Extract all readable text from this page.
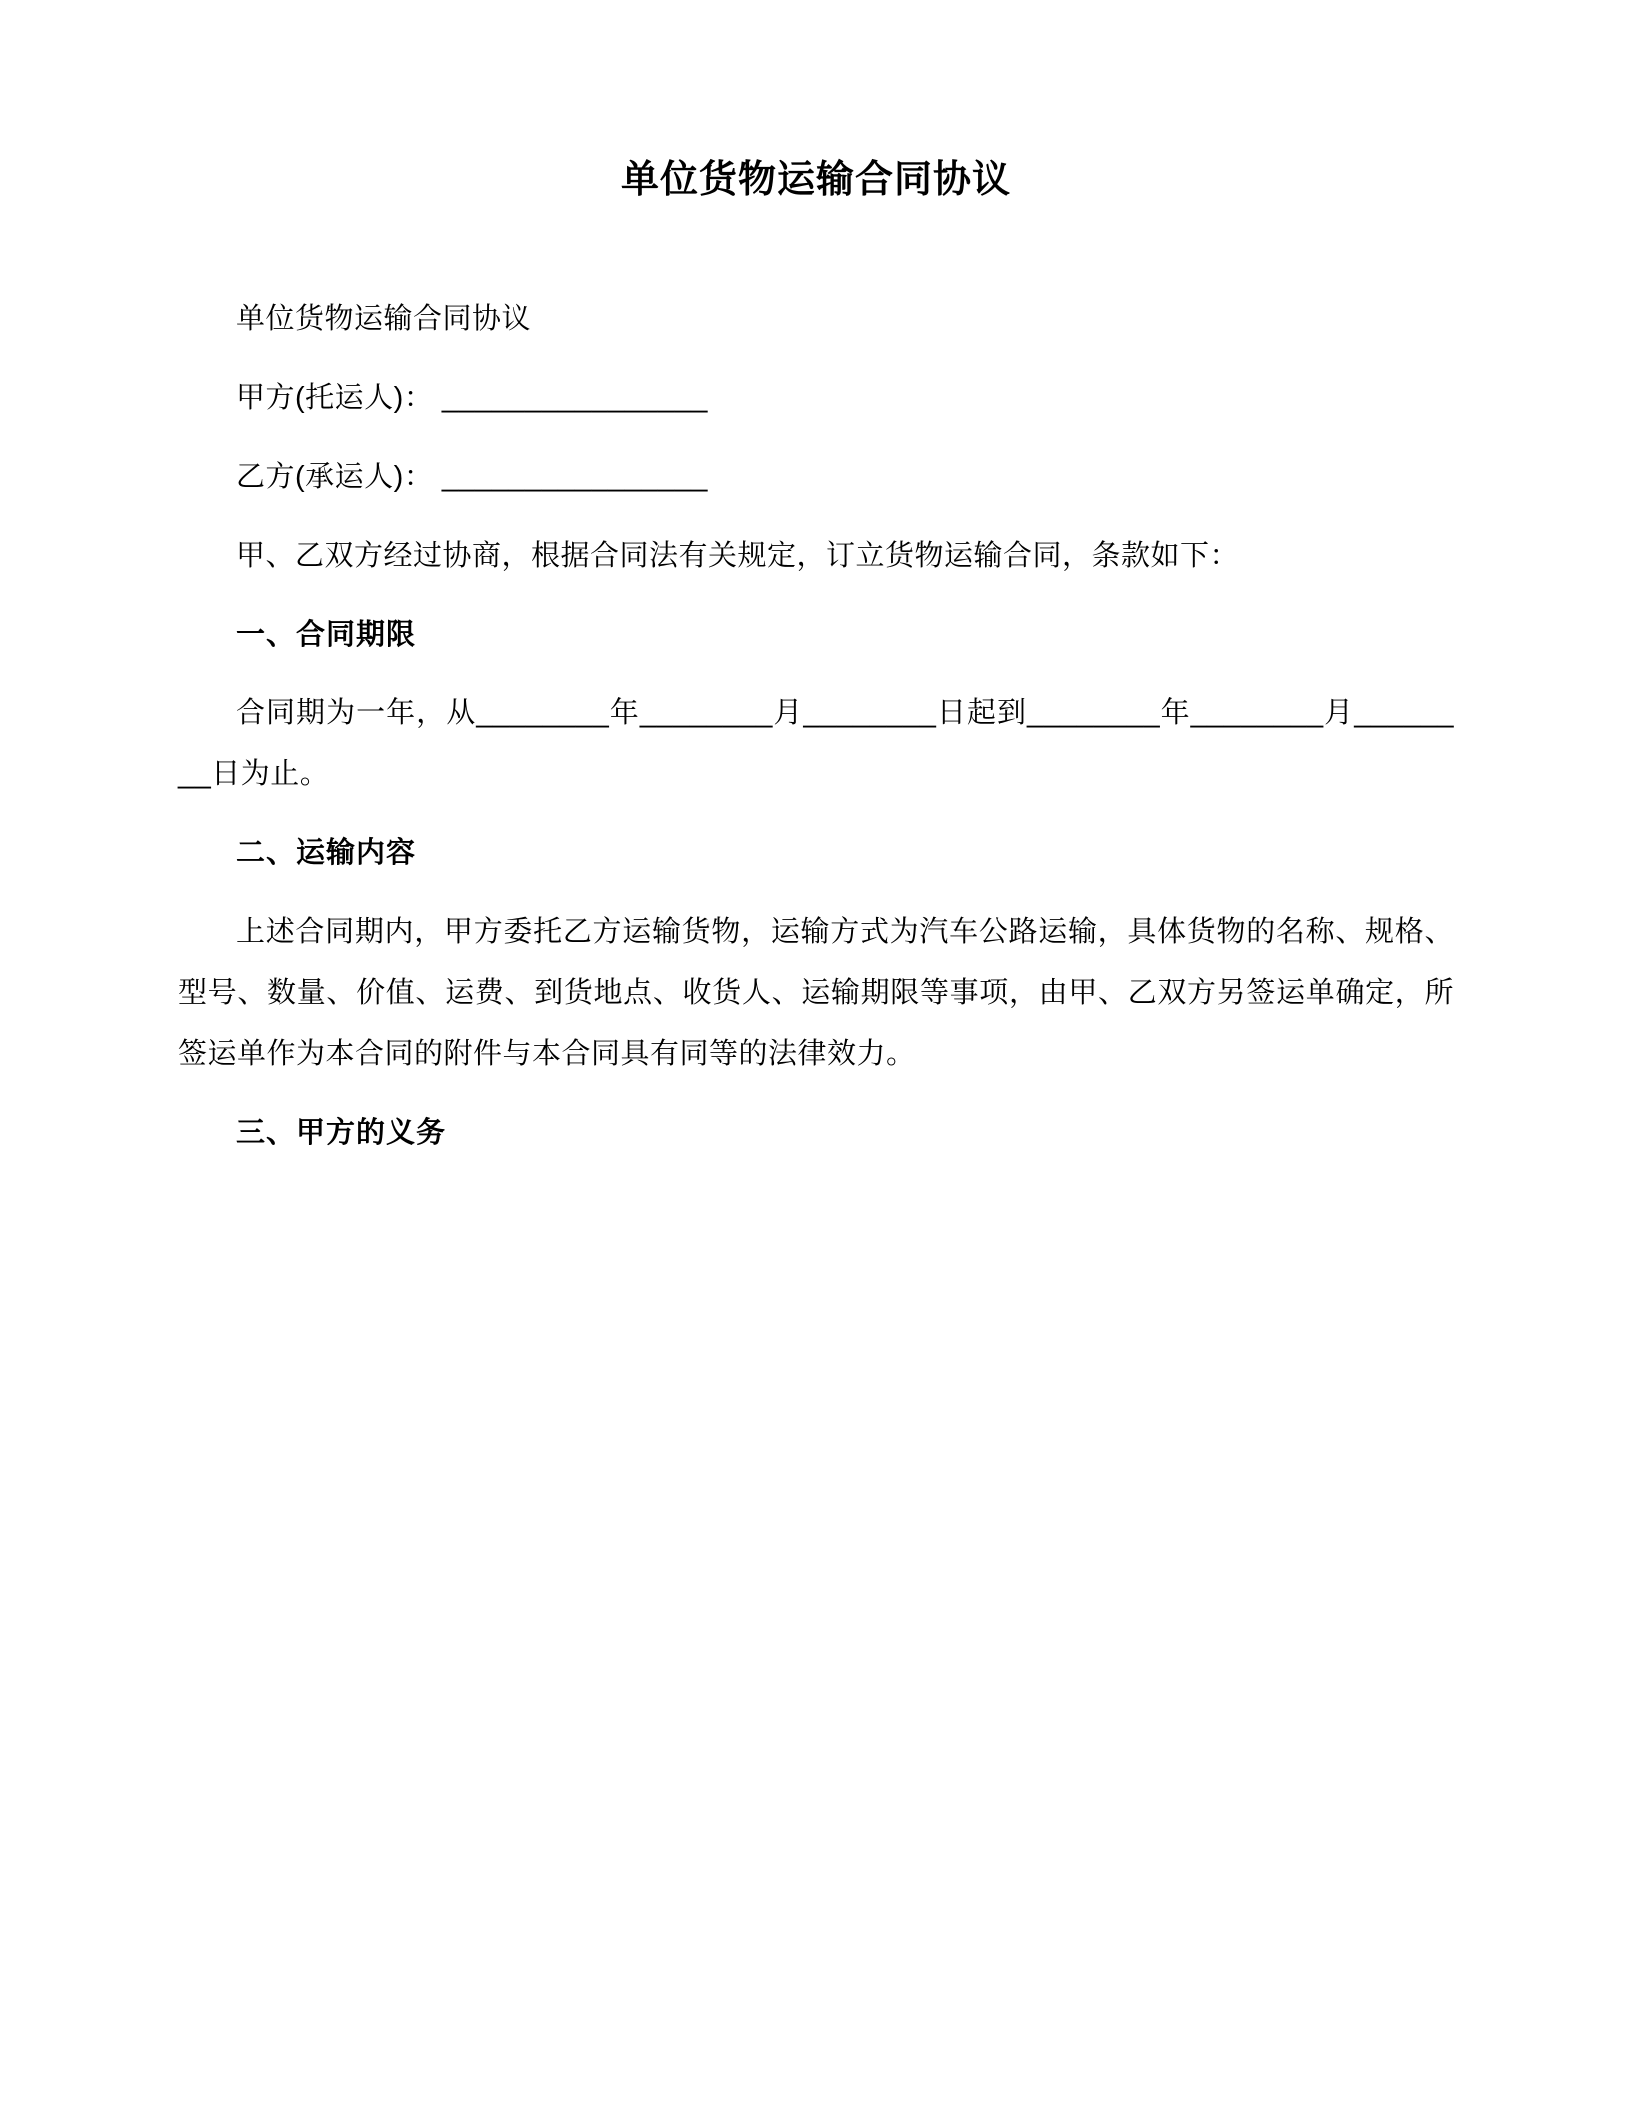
单位货物运输合同协议

单位货物运输合同协议

甲方(托运人)： ________________

乙方(承运人)： ________________

甲、乙双方经过协商，根据合同法有关规定，订立货物运输合同，条款如下：

一、合同期限

合同期为一年，从________年________月________日起到________年________月________日为止。

二、运输内容

上述合同期内，甲方委托乙方运输货物，运输方式为汽车公路运输，具体货物的名称、规格、型号、数量、价值、运费、到货地点、收货人、运输期限等事项，由甲、乙双方另签运单确定，所签运单作为本合同的附件与本合同具有同等的法律效力。

三、甲方的义务
